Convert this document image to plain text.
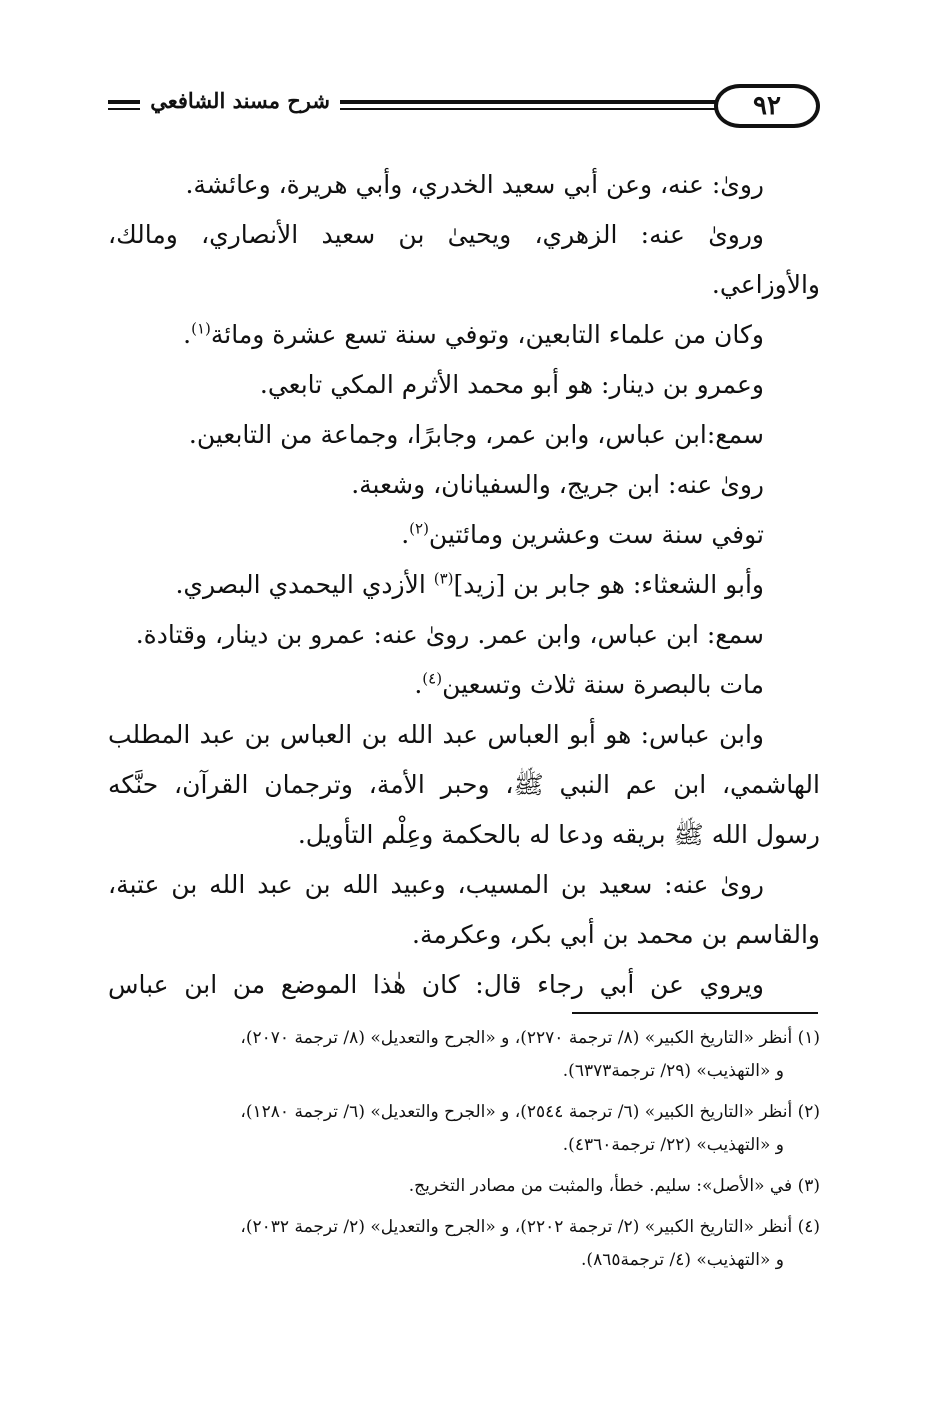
٩٢
شرح مسند الشافعي
روىٰ: عنه، وعن أبي سعيد الخدري، وأبي هريرة، وعائشة.
وروىٰ عنه: الزهري، ويحيىٰ بن سعيد الأنصاري، ومالك،
والأوزاعي.
وكان من علماء التابعين، وتوفي سنة تسع عشرة ومائة$^{(١)}$.
وعمرو بن دينار: هو أبو محمد الأثرم المكي تابعي.
سمع:ابن عباس، وابن عمر، وجابرًا، وجماعة من التابعين.
روىٰ عنه: ابن جريج، والسفيانان، وشعبة.
توفي سنة ست وعشرين ومائتين$^{(٢)}$.
وأبو الشعثاء: هو جابر بن [زيد]$^{(٣)}$ الأزدي اليحمدي البصري.
سمع: ابن عباس، وابن عمر. روىٰ عنه: عمرو بن دينار، وقتادة.
مات بالبصرة سنة ثلاث وتسعين$^{(٤)}$.
وابن عباس: هو أبو العباس عبد الله بن العباس بن عبد المطلب
الهاشمي، ابن عم النبي ﷺ، وحبر الأمة، وترجمان القرآن، حنَّكه
رسول الله ﷺ بريقه ودعا له بالحكمة وعِلْم التأويل.
روىٰ عنه: سعيد بن المسيب، وعبيد الله بن عبد الله بن عتبة،
والقاسم بن محمد بن أبي بكر، وعكرمة.
ويروي عن أبي رجاء قال: كان هٰذا الموضع من ابن عباس
(١) أنظر «التاريخ الكبير» (٨/ ترجمة ٢٢٧٠)، و «الجرح والتعديل» (٨/ ترجمة ٢٠٧٠)،
و «التهذيب» (٢٩/ ترجمة٦٣٧٣).
(٢) أنظر «التاريخ الكبير» (٦/ ترجمة ٢٥٤٤)، و «الجرح والتعديل» (٦/ ترجمة ١٢٨٠)،
و «التهذيب» (٢٢/ ترجمة٤٣٦٠).
(٣) في «الأصل»: سليم. خطأ، والمثبت من مصادر التخريج.
(٤) أنظر «التاريخ الكبير» (٢/ ترجمة ٢٢٠٢)، و «الجرح والتعديل» (٢/ ترجمة ٢٠٣٢)،
و «التهذيب» (٤/ ترجمة٨٦٥).
